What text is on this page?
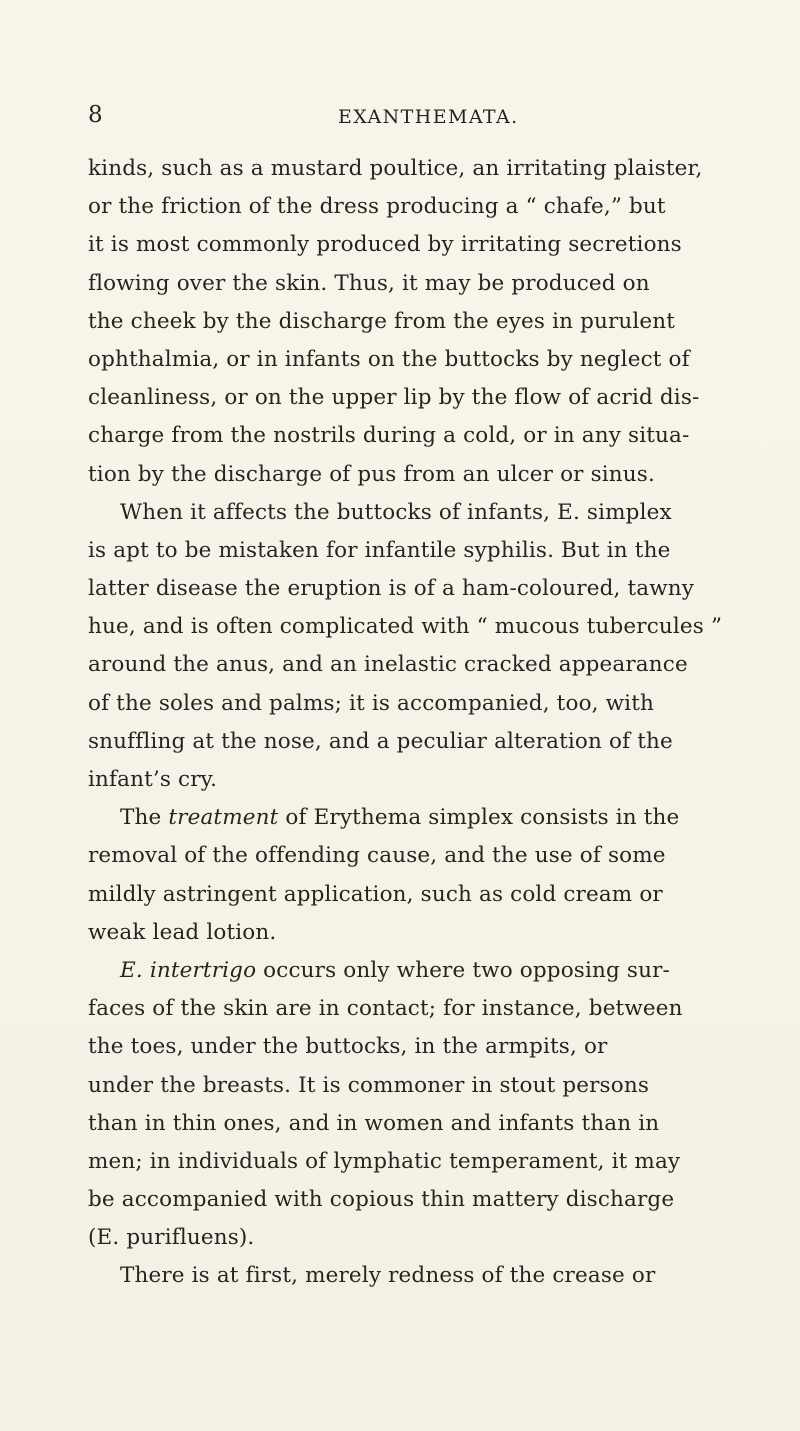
8	EXANTHEMATA.
kinds, such as a mustard poultice, an irritating plaister,
or the friction of the dress producing a “ chafe,” but
it is most commonly produced by irritating secretions
flowing over the skin. Thus, it may be produced on
the cheek by the discharge from the eyes in purulent
ophthalmia, or in infants on the buttocks by neglect of
cleanliness, or on the upper lip by the flow of acrid dis-
charge from the nostrils during a cold, or in any situa-
tion by the discharge of pus from an ulcer or sinus.
When it affects the buttocks of infants, E. simplex
is apt to be mistaken for infantile syphilis. But in the
latter disease the eruption is of a ham-coloured, tawny
hue, and is often complicated with “ mucous tubercules ”
around the anus, and an inelastic cracked appearance
of the soles and palms; it is accompanied, too, with
snuffling at the nose, and a peculiar alteration of the
infant’s cry.
The treatment of Erythema simplex consists in the
removal of the offending cause, and the use of some
mildly astringent application, such as cold cream or
weak lead lotion.
E. intertrigo occurs only where two opposing sur-
faces of the skin are in contact; for instance, between
the toes, under the buttocks, in the armpits, or
under the breasts. It is commoner in stout persons
than in thin ones, and in women and infants than in
men; in individuals of lymphatic temperament, it may
be accompanied with copious thin mattery discharge
(E. purifluens).
There is at first, merely redness of the crease or
